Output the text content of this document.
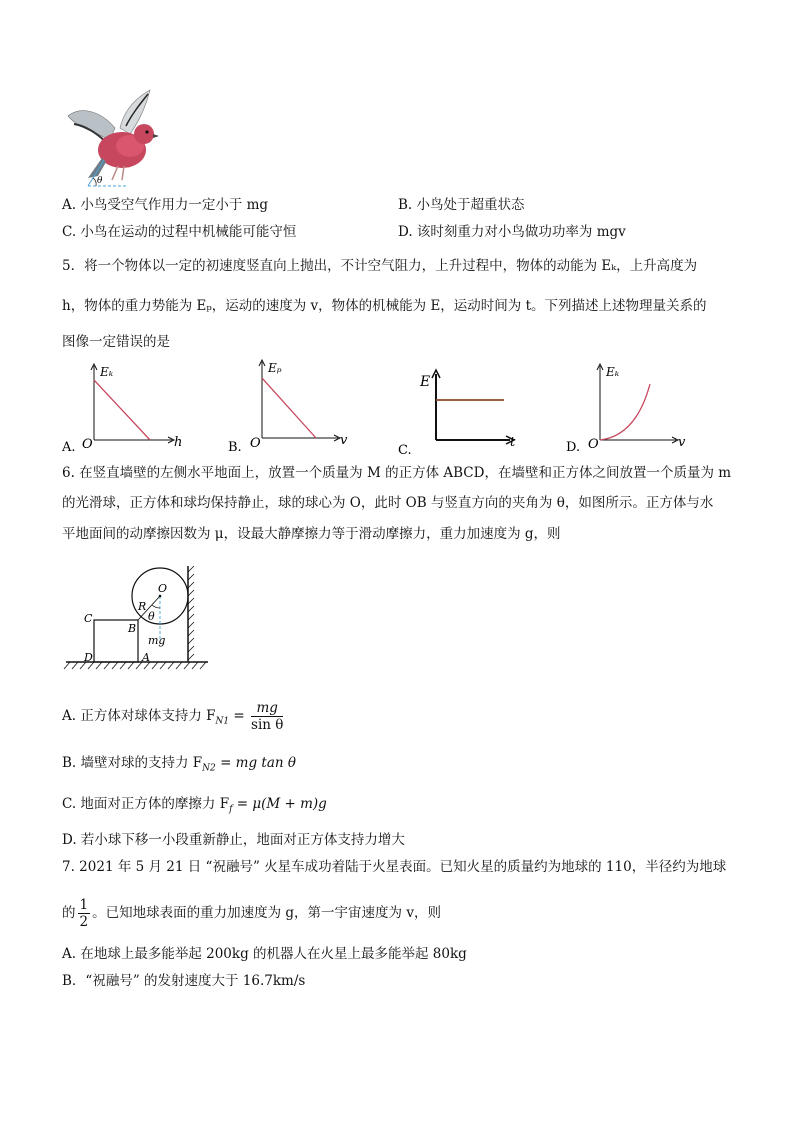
θ
A. 小鸟受空气作用力一定小于 mg	B. 小鸟处于超重状态
C. 小鸟在运动的过程中机械能可能守恒	D. 该时刻重力对小鸟做功功率为 mgv
5．将一个物体以一定的初速度竖直向上抛出，不计空气阻力，上升过程中，物体的动能为 Eₖ，上升高度为
h，物体的重力势能为 Eₚ，运动的速度为 v，物体的机械能为 E，运动时间为 t。下列描述上述物理量关系的
图像一定错误的是
A. O
Eₖ
h	B. O
Eₚ
v
C.
E
t	D. O
Eₖ
v
6. 在竖直墙壁的左侧水平地面上，放置一个质量为 M 的正方体 ABCD，在墙壁和正方体之间放置一个质量为 m
的光滑球，正方体和球均保持静止，球的球心为 O，此时 OB 与竖直方向的夹角为 θ，如图所示。正方体与水
平地面间的动摩擦因数为 μ，设最大静摩擦力等于滑动摩擦力，重力加速度为 g，则
C
B
D	A
O
R
θ
mg
A. 正方体对球体支持力 $F_{N1} = \frac{mg}{\text{sin θ}}$
B. 墙壁对球的支持力 $F_{N2}$ = mg tan θ
C. 地面对正方体的摩擦力 $F_f = \mu(M + m)g$
D. 若小球下移一小段重新静止，地面对正方体支持力增大
7. 2021 年 5 月 21 日 “祝融号” 火星车成功着陆于火星表面。已知火星的质量约为地球的 110，半径约为地球
的 $\frac{1}{2}$ 。已知地球表面的重力加速度为 g，第一宇宙速度为 v，则
A. 在地球上最多能举起 200kg 的机器人在火星上最多能举起 80kg
B．“祝融号” 的发射速度大于 16.7km/s
